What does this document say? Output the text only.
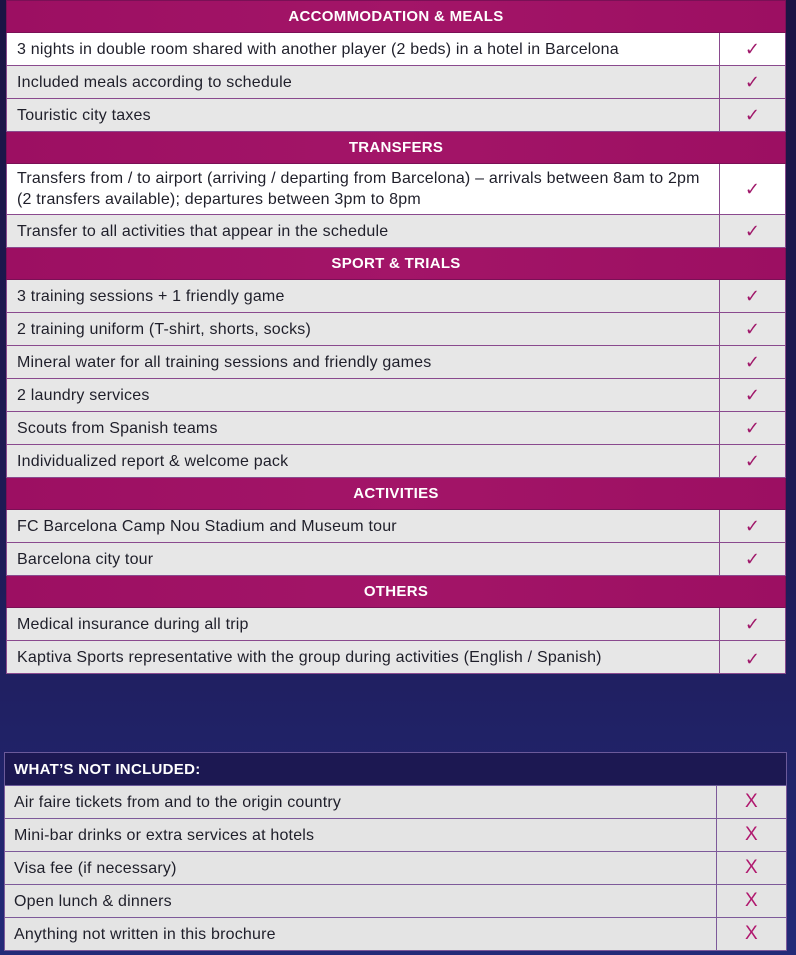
ACCOMMODATION & MEALS	
3 nights in double room shared with another player (2 beds) in a hotel in Barcelona	✓
Included meals according to schedule	✓
Touristic city taxes	✓
TRANSFERS	
Transfers from / to airport (arriving / departing from Barcelona) – arrivals between 8am to 2pm (2 transfers available); departures between 3pm to 8pm	✓
Transfer to all activities that appear in the schedule	✓
SPORT & TRIALS	
3 training sessions + 1 friendly game	✓
2 training uniform (T-shirt, shorts, socks)	✓
Mineral water for all training sessions and friendly games	✓
2 laundry services	✓
Scouts from Spanish teams	✓
Individualized report & welcome pack	✓
ACTIVITIES	
FC Barcelona Camp Nou Stadium and Museum tour	✓
Barcelona city tour	✓
OTHERS	
Medical insurance during all trip	✓
Kaptiva Sports representative with the group during activities (English / Spanish)	✓
WHAT’S NOT INCLUDED:	
Air faire tickets from and to the origin country	X
Mini-bar drinks or extra services at hotels	X
Visa fee (if necessary)	X
Open lunch & dinners	X
Anything not written in this brochure	X
